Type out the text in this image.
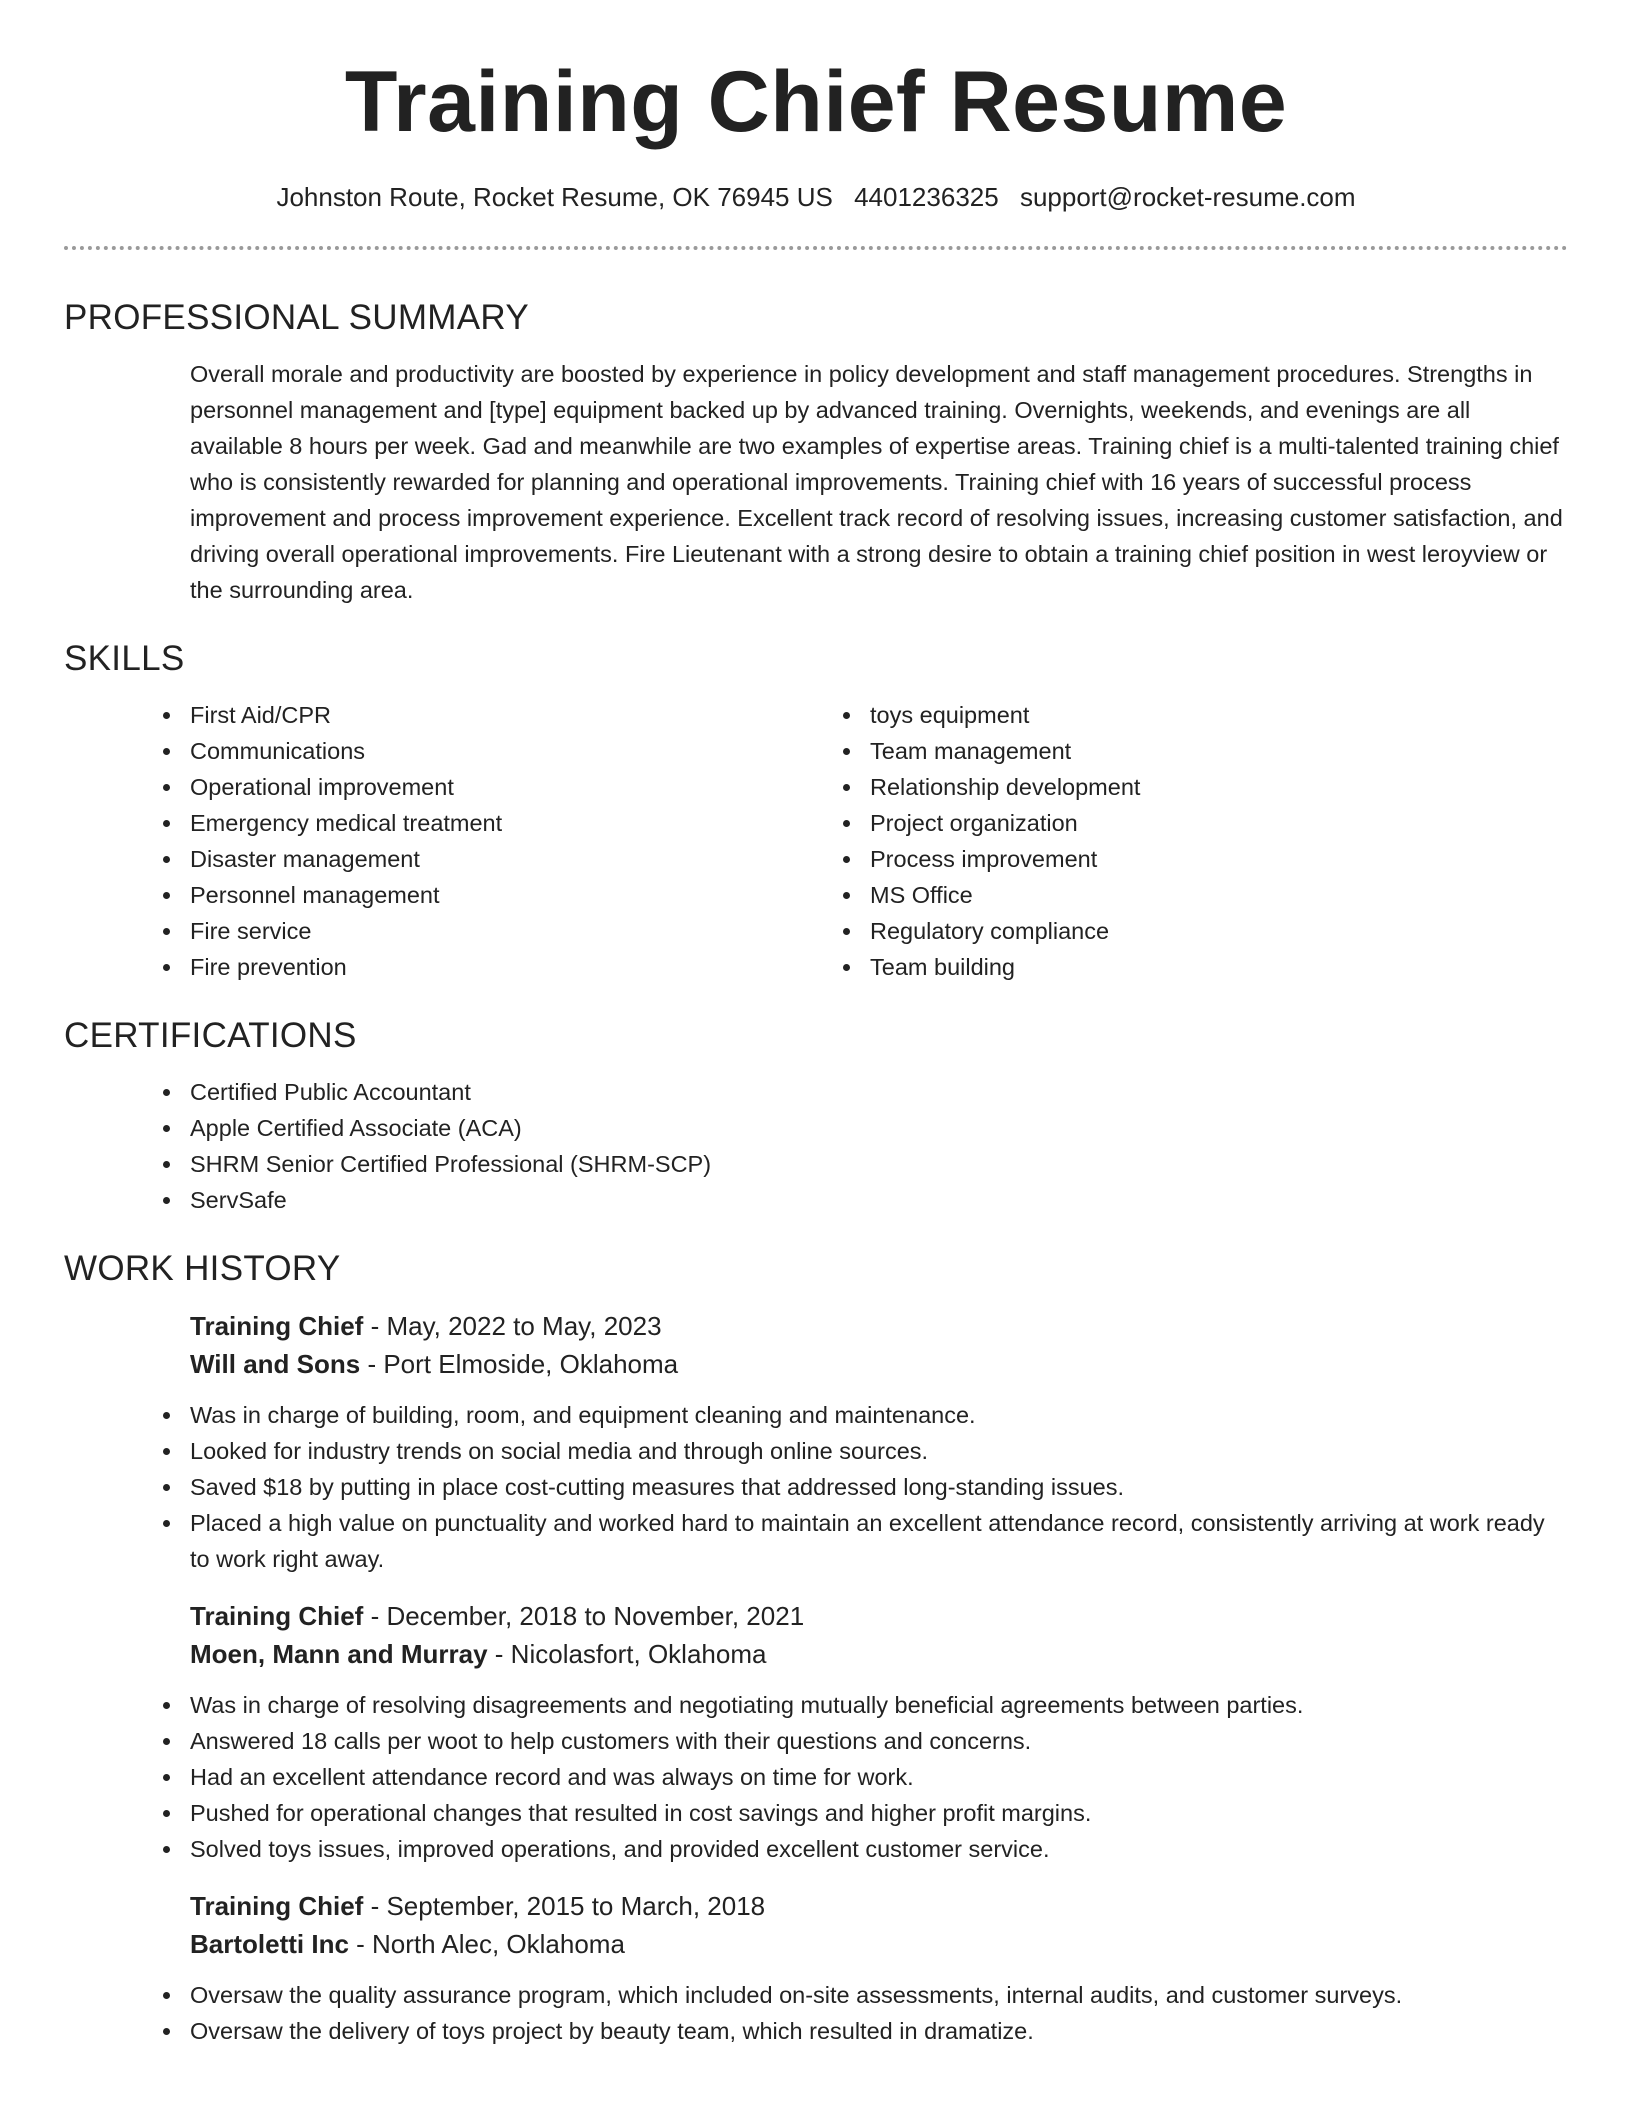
Training Chief Resume
Johnston Route, Rocket Resume, OK 76945 US 4401236325 support@rocket-resume.com
PROFESSIONAL SUMMARY

Overall morale and productivity are boosted by experience in policy development and staff management procedures. Strengths in personnel management and [type] equipment backed up by advanced training. Overnights, weekends, and evenings are all available 8 hours per week. Gad and meanwhile are two examples of expertise areas. Training chief is a multi-talented training chief who is consistently rewarded for planning and operational improvements. Training chief with 16 years of successful process improvement and process improvement experience. Excellent track record of resolving issues, increasing customer satisfaction, and driving overall operational improvements. Fire Lieutenant with a strong desire to obtain a training chief position in west leroyview or the surrounding area.

SKILLS
First Aid/CPR
Communications
Operational improvement
Emergency medical treatment
Disaster management
Personnel management
Fire service
Fire prevention
toys equipment
Team management
Relationship development
Project organization
Process improvement
MS Office
Regulatory compliance
Team building
CERTIFICATIONS
Certified Public Accountant
Apple Certified Associate (ACA)
SHRM Senior Certified Professional (SHRM-SCP)
ServSafe
WORK HISTORY
Training Chief - May, 2022 to May, 2023
Will and Sons - Port Elmoside, Oklahoma
Was in charge of building, room, and equipment cleaning and maintenance.
Looked for industry trends on social media and through online sources.
Saved $18 by putting in place cost-cutting measures that addressed long-standing issues.
Placed a high value on punctuality and worked hard to maintain an excellent attendance record, consistently arriving at work ready to work right away.
Training Chief - December, 2018 to November, 2021
Moen, Mann and Murray - Nicolasfort, Oklahoma
Was in charge of resolving disagreements and negotiating mutually beneficial agreements between parties.
Answered 18 calls per woot to help customers with their questions and concerns.
Had an excellent attendance record and was always on time for work.
Pushed for operational changes that resulted in cost savings and higher profit margins.
Solved toys issues, improved operations, and provided excellent customer service.
Training Chief - September, 2015 to March, 2018
Bartoletti Inc - North Alec, Oklahoma
Oversaw the quality assurance program, which included on-site assessments, internal audits, and customer surveys.
Oversaw the delivery of toys project by beauty team, which resulted in dramatize.
